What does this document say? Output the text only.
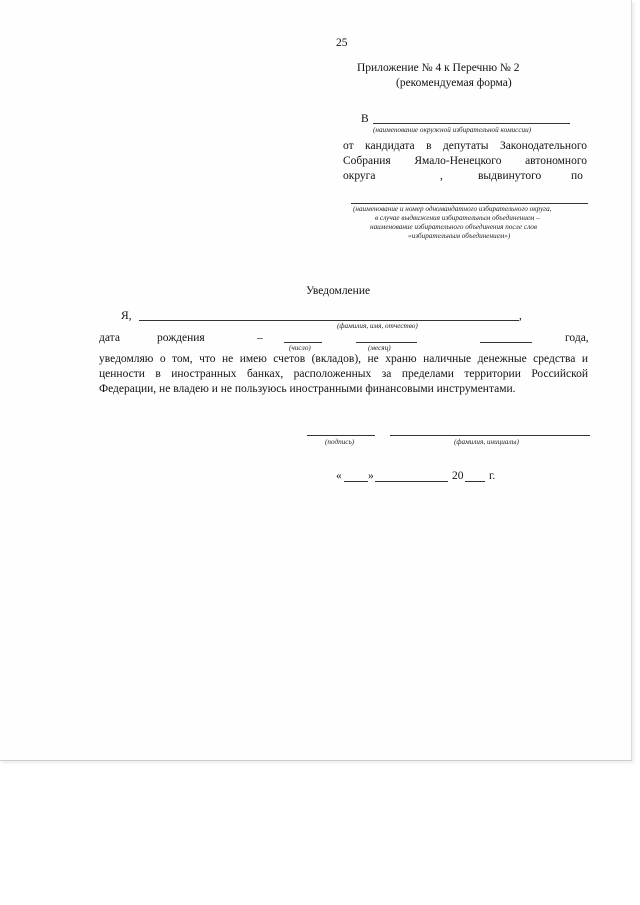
25
Приложение № 4 к Перечню № 2
(рекомендуемая форма)
В
(наименование окружной избирательной комиссии)
от кандидата в депутаты Законодательного
Собрания Ямало-Ненецкого автономного
округа	,	выдвинутого	по
(наименование и номер одномандатного избирательного округа,
в случае выдвижения избирательным объединением –
наименование избирательного объединения после слов
«избирательным объединением»)
Уведомление
Я,	,
(фамилия, имя, отчество)
дата	рождения	–	года,
(число)	(месяц)
уведомляю о том, что не имею счетов (вкладов), не храню наличные денежные средства и
ценности в иностранных банках, расположенных за пределами территории Российской
Федерации, не владею и не пользуюсь иностранными финансовыми инструментами.
(подпись)	(фамилия, инициалы)
« »	20 г.
